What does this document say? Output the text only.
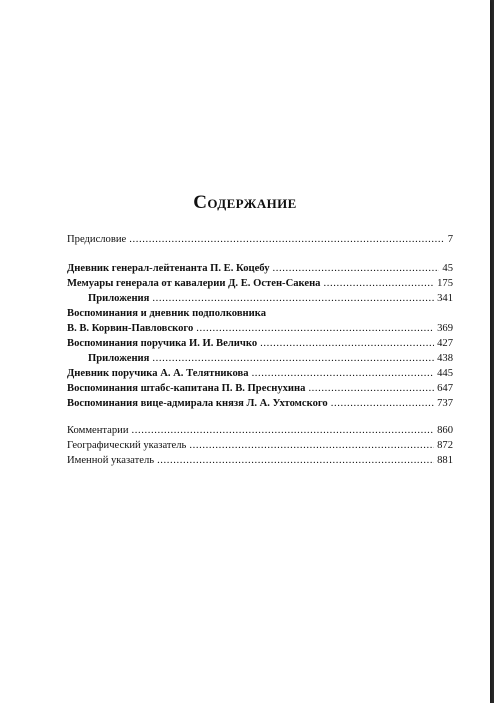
Содержание
Предисловие .....	7
Дневник генерал-лейтенанта П. Е. Коцебу .....	45
Мемуары генерала от кавалерии Д. Е. Остен-Сакена .....	175
Приложения .....	341
Воспоминания и дневник подполковника
В. В. Корвин-Павловского .....	369
Воспоминания поручика И. И. Величко .....	427
Приложения .....	438
Дневник поручика А. А. Телятникова .....	445
Воспоминания штабс-капитана П. В. Преснухина .....	647
Воспоминания вице-адмирала князя Л. А. Ухтомского .....	737
Комментарии .....	860
Географический указатель .....	872
Именной указатель .....	881
